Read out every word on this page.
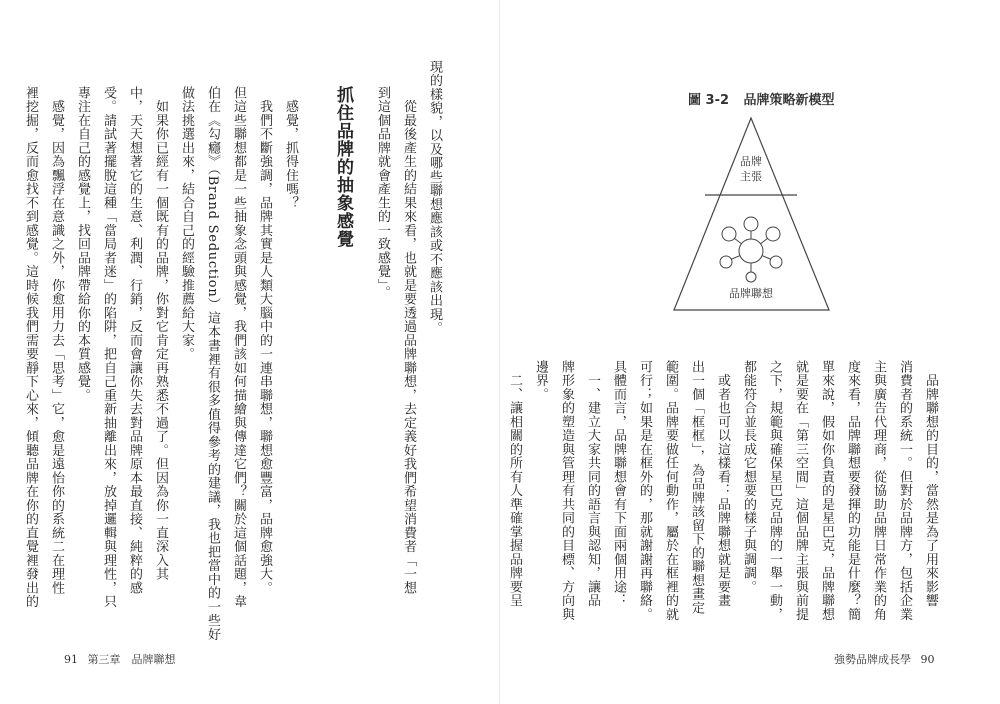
現的樣貌，以及哪些聯想應該或不應該出現。
　從最後產生的結果來看，也就是要透過品牌聯想，去定義好我們希望消費者「一想
到這個品牌就會產生的一致感覺」。
抓住品牌的抽象感覺
　感覺，抓得住嗎？
　我們不斷強調，品牌其實是人類大腦中的一連串聯想，聯想愈豐富，品牌愈強大。
但這些聯想都是一些抽象念頭與感覺，我們該如何描繪與傳達它們？關於這個話題，韋
伯在《勾癮》（Brand Seduction）這本書裡有很多值得參考的建議，我也把當中的一些好
做法挑選出來，結合自己的經驗推薦給大家。
　如果你已經有一個既有的品牌，你對它肯定再熟悉不過了。但因為你一直深入其
中，天天想著它的生意、利潤、行銷，反而會讓你失去對品牌原本最直接、純粹的感
受。請試著擺脫這種「當局者迷」的陷阱，把自己重新抽離出來，放掉邏輯與理性，只
專注在自己的感覺上，找回品牌帶給你的本質感覺。
　感覺，因為飄浮在意識之外，你愈用力去「思考」它，愈是遠怡你的系統二在理性
裡挖掘，反而愈找不到感覺。這時候我們需要靜下心來，傾聽品牌在你的直覺裡發出的
91 第三章　品牌聯想
圖 3-2 品牌策略新模型
品牌
主張
品牌聯想
　品牌聯想的目的，當然是為了用來影響
消費者的系統一。但對於品牌方，包括企業
主與廣告代理商，從協助品牌日常作業的角
度來看，品牌聯想要發揮的功能是什麼？簡
單來說，假如你負責的是星巴克，品牌聯想
就是要在「第三空間」這個品牌主張與前提
之下，規範與確保星巴克品牌的一舉一動，
都能符合並長成它想要的樣子與調調。
　或者也可以這樣看：品牌聯想就是要畫
出一個「框框」，為品牌該留下的聯想畫定
範圍。品牌要做任何動作，屬於在框裡的就
可行；如果是在框外的，那就謝謝再聯絡。
具體而言，品牌聯想會有下面兩個用途：
　一、建立大家共同的語言與認知，讓品
牌形象的塑造與管理有共同的目標、方向與
邊界。
　二、讓相關的所有人準確掌握品牌要呈
強勢品牌成長學 90
